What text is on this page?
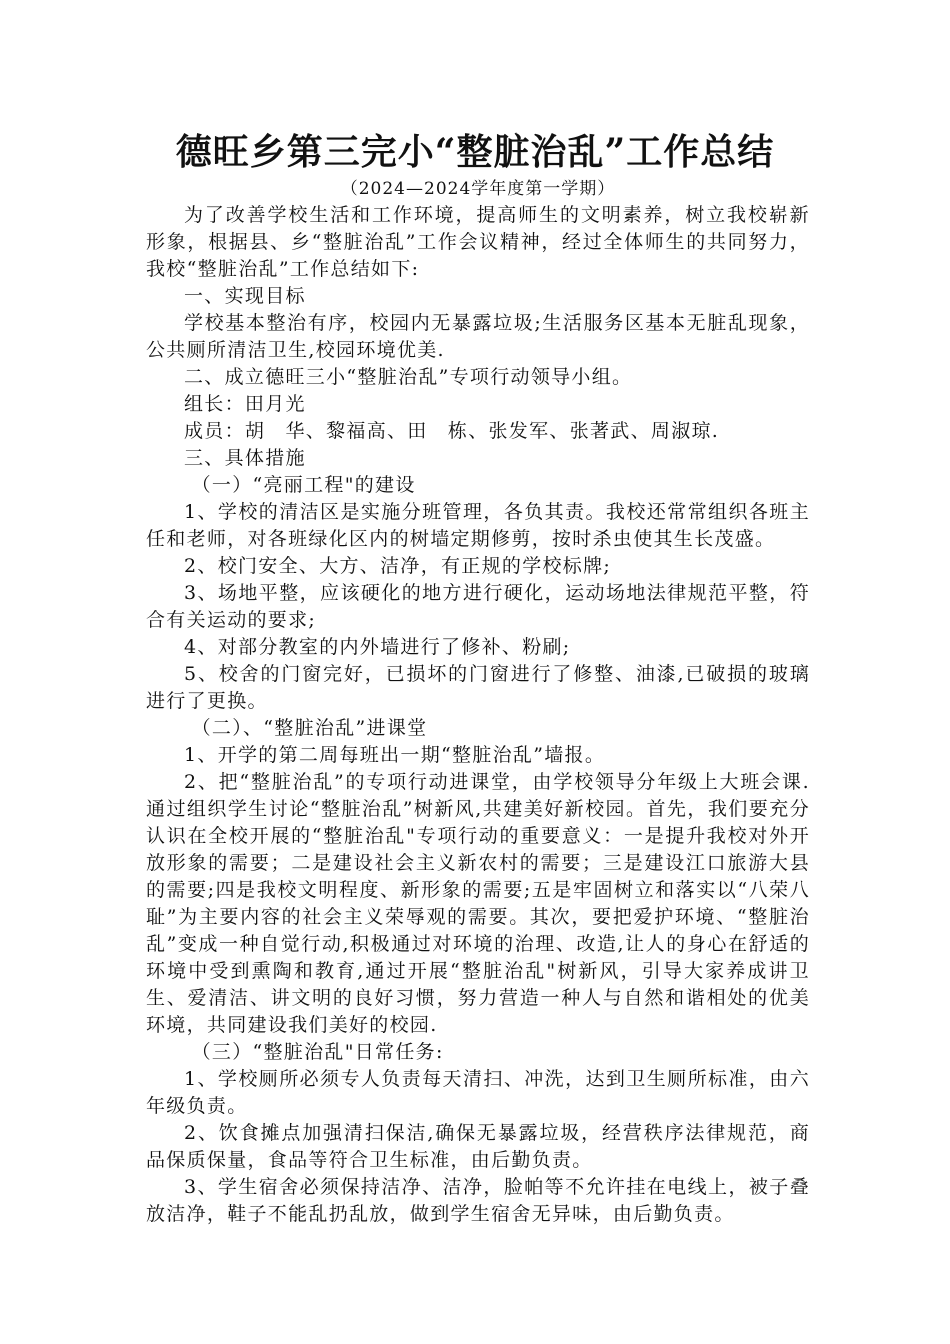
德旺乡第三完小“整脏治乱”工作总结
（2024—2024学年度第一学期）

为了改善学校生活和工作环境，提高师生的文明素养，树立我校崭新形象，根据县、乡“整脏治乱”工作会议精神，经过全体师生的共同努力，我校“整脏治乱”工作总结如下:

一、实现目标

学校基本整治有序，校园内无暴露垃圾;生活服务区基本无脏乱现象，公共厕所清洁卫生,校园环境优美.

二、成立德旺三小“整脏治乱”专项行动领导小组。

组长：田月光

成员：胡　华、黎福高、田　栋、张发军、张著武、周淑琼.

三、具体措施

（一）“亮丽工程"的建设

1、学校的清洁区是实施分班管理，各负其责。我校还常常组织各班主任和老师，对各班绿化区内的树墙定期修剪，按时杀虫使其生长茂盛。

2、校门安全、大方、洁净，有正规的学校标牌;

3、场地平整，应该硬化的地方进行硬化，运动场地法律规范平整，符合有关运动的要求;

4、对部分教室的内外墙进行了修补、粉刷;

5、校舍的门窗完好，已损坏的门窗进行了修整、油漆,已破损的玻璃进行了更换。

（二）、“整脏治乱”进课堂

1、开学的第二周每班出一期“整脏治乱”墙报。

2、把“整脏治乱”的专项行动进课堂，由学校领导分年级上大班会课.通过组织学生讨论“整脏治乱”树新风,共建美好新校园。首先，我们要充分认识在全校开展的“整脏治乱"专项行动的重要意义：一是提升我校对外开放形象的需要；二是建设社会主义新农村的需要；三是建设江口旅游大县的需要;四是我校文明程度、新形象的需要;五是牢固树立和落实以“八荣八耻”为主要内容的社会主义荣辱观的需要。其次，要把爱护环境、“整脏治乱”变成一种自觉行动,积极通过对环境的治理、改造,让人的身心在舒适的环境中受到熏陶和教育,通过开展“整脏治乱"树新风，引导大家养成讲卫生、爱清洁、讲文明的良好习惯，努力营造一种人与自然和谐相处的优美环境，共同建设我们美好的校园.

（三）“整脏治乱"日常任务:

1、学校厕所必须专人负责每天清扫、冲洗，达到卫生厕所标准，由六年级负责。

2、饮食摊点加强清扫保洁,确保无暴露垃圾，经营秩序法律规范，商品保质保量，食品等符合卫生标准，由后勤负责。

3、学生宿舍必须保持洁净、洁净，脸帕等不允许挂在电线上，被子叠放洁净，鞋子不能乱扔乱放，做到学生宿舍无异味，由后勤负责。
